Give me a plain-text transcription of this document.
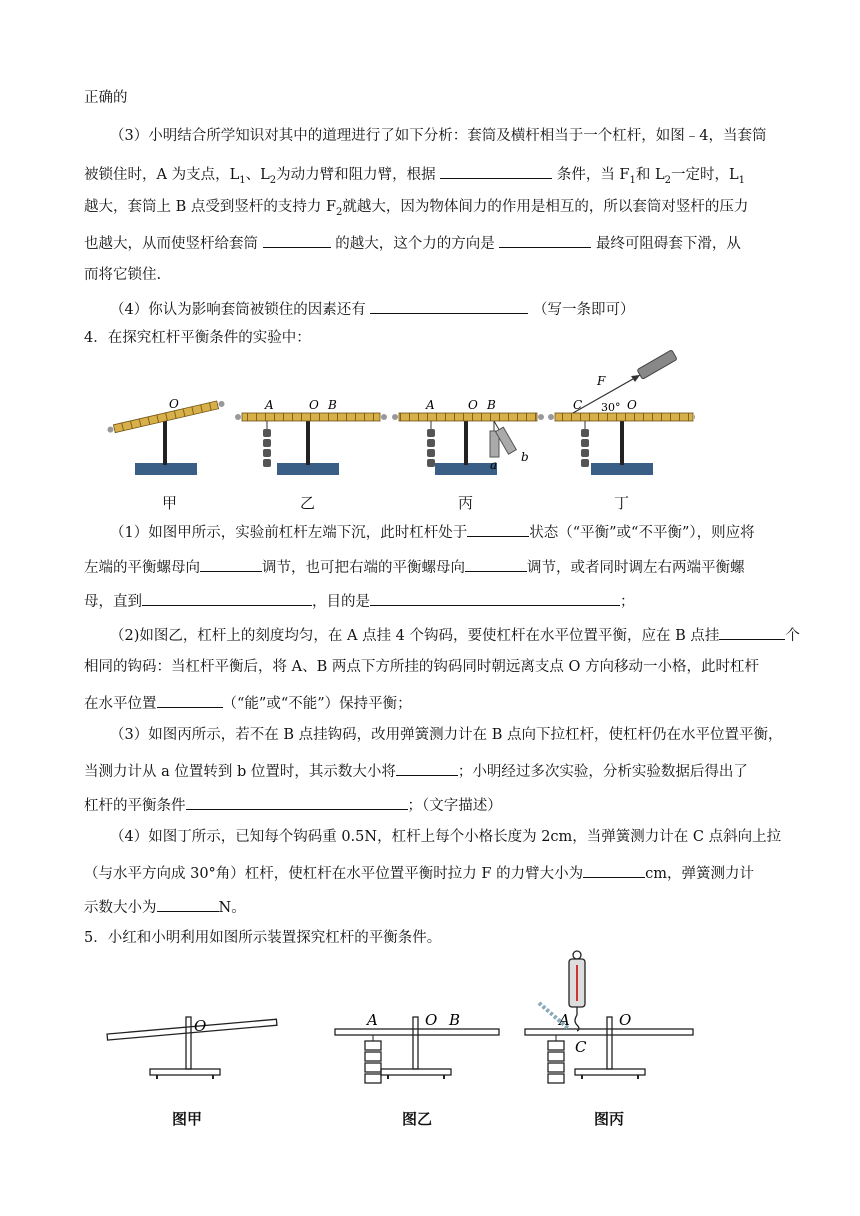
正确的
（3）小明结合所学知识对其中的道理进行了如下分析：套筒及横杆相当于一个杠杆，如图﹣4，当套筒
被锁住时，A 为支点，$L_1$、$L_2$为动力臂和阻力臂，根据	条件，当 $F_1$和 $L_2$一定时，$L_1$
越大，套筒上 B 点受到竖杆的支持力 $F_2$就越大，因为物体间力的作用是相互的，所以套筒对竖杆的压力
也越大，从而使竖杆给套筒	的越大，这个力的方向是	最终可阻碍套下滑，从
而将它锁住.
（4）你认为影响套筒被锁住的因素还有	（写一条即可）
4．在探究杠杆平衡条件的实验中：
O	A	O B	A	O B
a
b
C
F
30° O
甲	乙	丙	丁
（1）如图甲所示，实验前杠杆左端下沉，此时杠杆处于	状态（“平衡”或“不平衡”），则应将
左端的平衡螺母向	调节，也可把右端的平衡螺母向	调节，或者同时调左右两端平衡螺
母，直到	，目的是	；
（2)如图乙，杠杆上的刻度均匀，在 A 点挂 4 个钩码，要使杠杆在水平位置平衡，应在 B 点挂	个
相同的钩码：当杠杆平衡后，将 A、B 两点下方所挂的钩码同时朝远离支点 O 方向移动一小格，此时杠杆
在水平位置	（“能”或“不能”）保持平衡；
（3）如图丙所示，若不在 B 点挂钩码，改用弹簧测力计在 B 点向下拉杠杆，使杠杆仍在水平位置平衡，
当测力计从 a 位置转到 b 位置时，其示数大小将	；小明经过多次实验，分析实验数据后得出了
杠杆的平衡条件	；（文字描述）
（4）如图丁所示，已知每个钩码重 0.5N，杠杆上每个小格长度为 2cm，当弹簧测力计在 C 点斜向上拉
（与水平方向成 30°角）杠杆，使杠杆在水平位置平衡时拉力 F 的力臂大小为	cm，弹簧测力计
示数大小为	N。
5．小红和小明利用如图所示装置探究杠杆的平衡条件。
O	A	O B	A	O
C
图甲	图乙	图丙
